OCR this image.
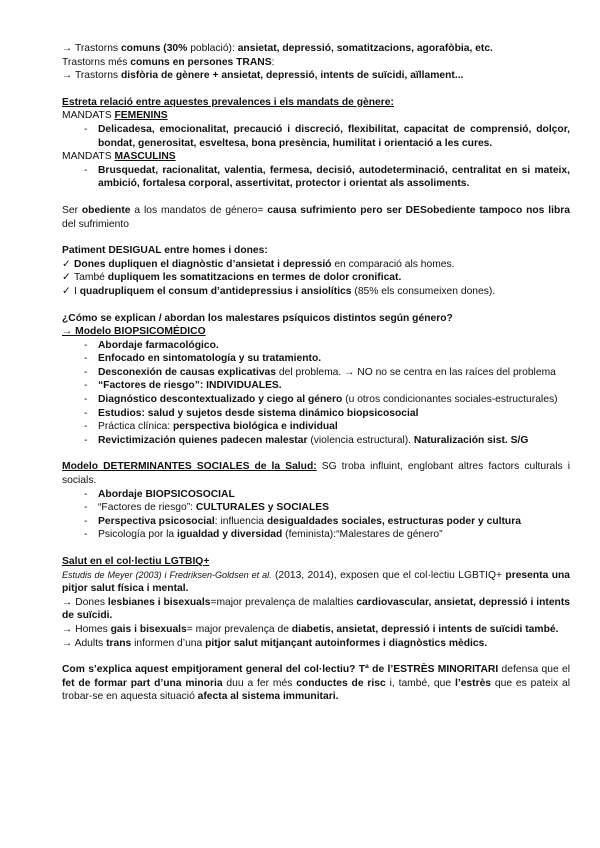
→ Trastorns comuns (30% població): ansietat, depressió, somatitzacions, agorafòbia, etc.

Trastorns més comuns en persones TRANS:

→ Trastorns disfòria de gènere + ansietat, depressió, intents de suïcidi, aïllament...

Estreta relació entre aquestes prevalences i els mandats de gènere:

MANDATS FEMENINS

- Delicadesa, emocionalitat, precaució i discreció, flexibilitat, capacitat de comprensió, dolçor, bondat, generositat, esveltesa, bona presència, humilitat i orientació a les cures.

MANDATS MASCULINS

- Brusquedat, racionalitat, valentia, fermesa, decisió, autodeterminació, centralitat en si mateix, ambició, fortalesa corporal, assertivitat, protector i orientat als assoliments.

Ser obediente a los mandatos de género= causa sufrimiento pero ser DESobediente tampoco nos libra del sufrimiento

Patiment DESIGUAL entre homes i dones:

✓ Dones dupliquen el diagnòstic d’ansietat i depressió en comparació als homes.

✓ També dupliquem les somatitzacions en termes de dolor cronificat.

✓ I quadrupliquem el consum d’antidepressius i ansiolítics (85% els consumeixen dones).

¿Cómo se explican / abordan los malestares psíquicos distintos según género?

→ Modelo BIOPSICOMÉDICO

- Abordaje farmacológico.
- Enfocado en sintomatología y su tratamiento.
- Desconexión de causas explicativas del problema. → NO no se centra en las raíces del problema
- “Factores de riesgo”: INDIVIDUALES.
- Diagnóstico descontextualizado y ciego al género (u otros condicionantes sociales-estructurales)
- Estudios: salud y sujetos desde sistema dinámico biopsicosocial
- Práctica clínica: perspectiva biológica e individual
- Revictimización quienes padecen malestar (violencia estructural). Naturalización sist. S/G

Modelo DETERMINANTES SOCIALES de la Salud: SG troba influint, englobant altres factors culturals i socials.

- Abordaje BIOPSICOSOCIAL
- “Factores de riesgo”: CULTURALES y SOCIALES
- Perspectiva psicosocial: influencia desigualdades sociales, estructuras poder y cultura
- Psicología por la igualdad y diversidad (feminista):“Malestares de género”

Salut en el col·lectiu LGTBIQ+

Estudis de Meyer (2003) i Fredriksen-Goldsen et al. (2013, 2014), exposen que el col·lectiu LGBTIQ+ presenta una pitjor salut física i mental.

→ Dones lesbianes i bisexuals=major prevalença de malalties cardiovascular, ansietat, depressió i intents de suïcidi.

→ Homes gais i bisexuals= major prevalença de diabetis, ansietat, depressió i intents de suïcidi també.

→ Adults trans informen d’una pitjor salut mitjançant autoinformes i diagnòstics mèdics.

Com s’explica aquest empitjorament general del col·lectiu? Tª de l’ESTRÈS MINORITARI defensa que el fet de formar part d’una minoria duu a fer més conductes de risc i, també, que l’estrès que es pateix al trobar-se en aquesta situació afecta al sistema immunitari.
